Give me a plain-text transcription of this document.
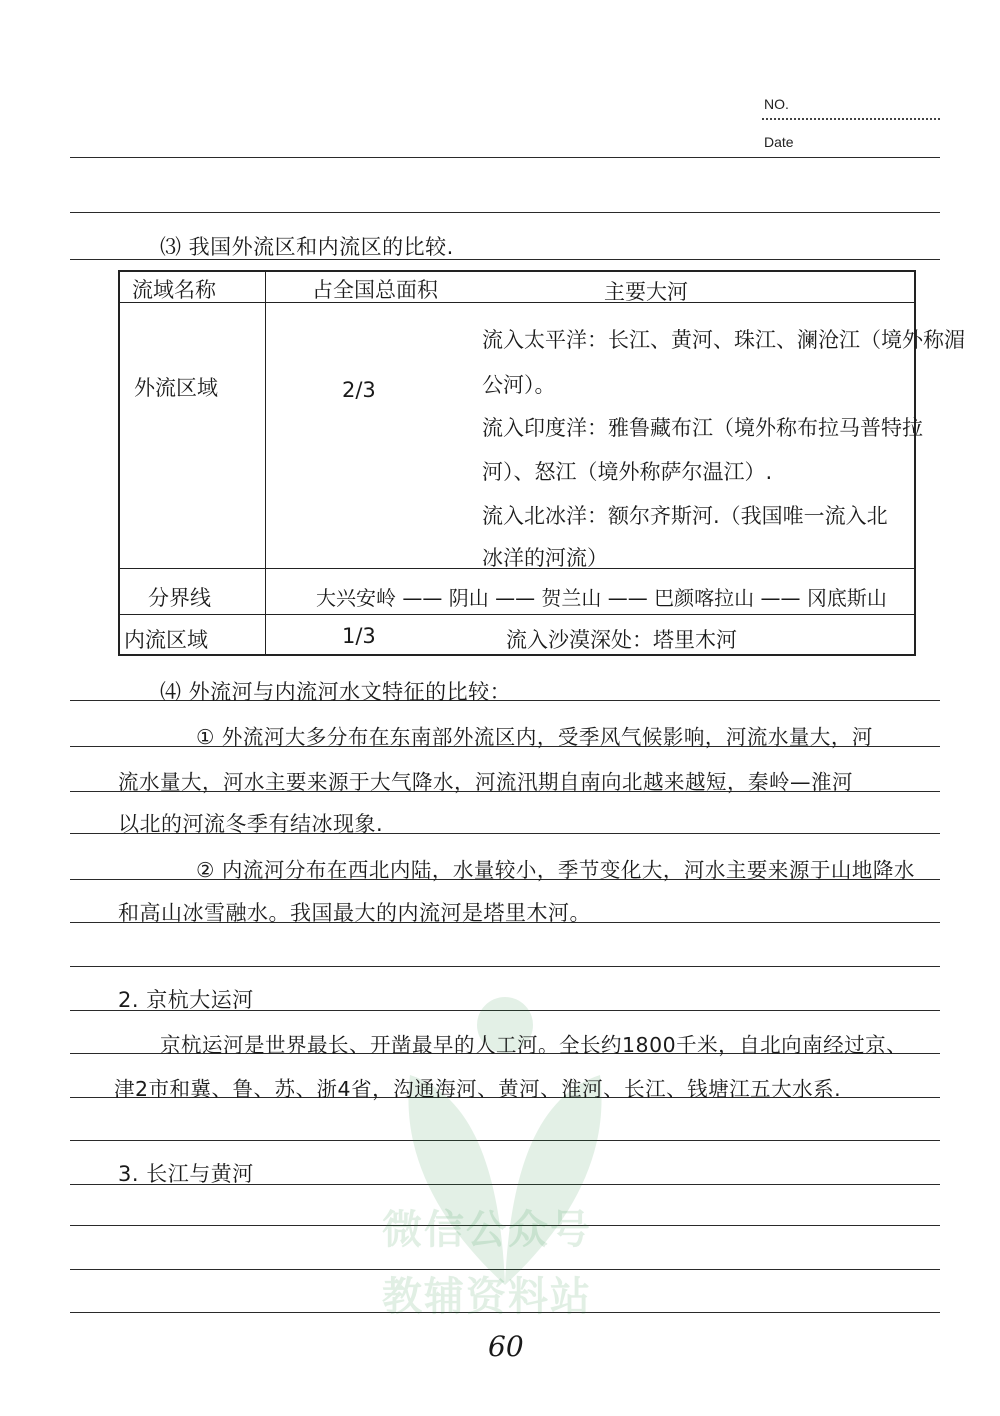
NO.
Date
微信公众号
教辅资料站
⑶ 我国外流区和内流区的比较.
流域名称	占全国总面积	主要大河
外流区域	2/3
流入太平洋：长江、黄河、珠江、澜沧江（境外称湄
公河）。
流入印度洋：雅鲁藏布江（境外称布拉马普特拉
河）、怒江（境外称萨尔温江）.
流入北冰洋：额尔齐斯河.（我国唯一流入北
冰洋的河流）
分界线	大兴安岭 —— 阴山 —— 贺兰山 —— 巴颜喀拉山 —— 冈底斯山
内流区域	1/3	流入沙漠深处：塔里木河
⑷ 外流河与内流河水文特征的比较：
① 外流河大多分布在东南部外流区内，受季风气候影响，河流水量大，河
流水量大，河水主要来源于大气降水，河流汛期自南向北越来越短，秦岭—淮河
以北的河流冬季有结冰现象.
② 内流河分布在西北内陆，水量较小，季节变化大，河水主要来源于山地降水
和高山冰雪融水。我国最大的内流河是塔里木河。
2. 京杭大运河
京杭运河是世界最长、开凿最早的人工河。全长约1800千米，自北向南经过京、
津2市和冀、鲁、苏、浙4省，沟通海河、黄河、淮河、长江、钱塘江五大水系.
3. 长江与黄河
60
